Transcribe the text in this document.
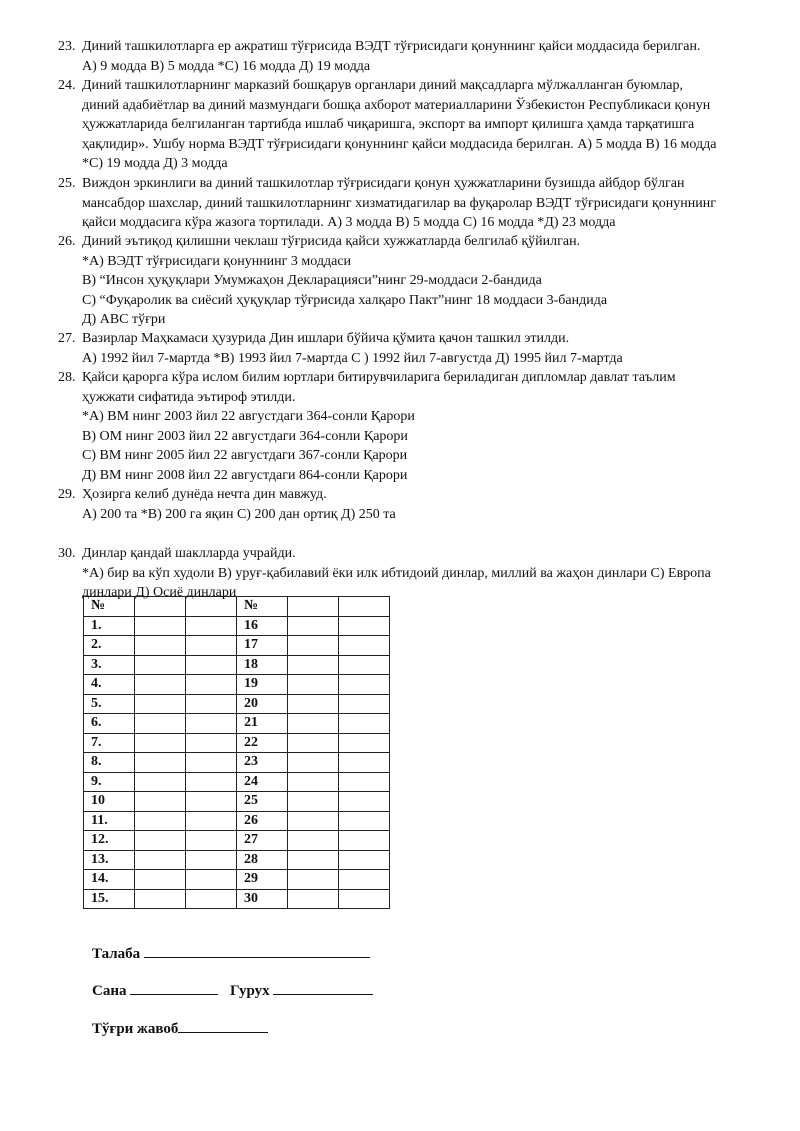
23. Диний ташкилотларга ер ажратиш тўғрисида ВЭДТ тўғрисидаги қонуннинг қайси моддасида берилган.
A) 9 модда B) 5 модда *C) 16 модда Д) 19 модда
24. Диний ташкилотларнинг марказий бошқарув органлари диний мақсадларга мўлжалланган буюмлар,
диний адабиётлар ва диний мазмундаги бошқа ахборот материалларини Ўзбекистон Республикаси қонун
ҳужжатларида белгиланган тартибда ишлаб чиқаришга, экспорт ва импорт қилишга ҳамда тарқатишга
ҳақлидир». Ушбу норма ВЭДТ тўғрисидаги қонуннинг қайси моддасида берилган. A) 5 модда B) 16 модда
*C) 19 модда Д) 3 модда
25. Виждон эркинлиги ва диний ташкилотлар тўғрисидаги қонун ҳужжатларини бузишда айбдор бўлган
мансабдор шахслар, диний ташкилотларнинг хизматидагилар ва фуқаролар ВЭДТ тўғрисидаги қонуннинг
қайси моддасига кўра жазога тортилади. A) 3 модда B) 5 модда C) 16 модда *Д) 23 модда
26. Диний эътиқод қилишни чеклаш тўғрисида қайси хужжатларда белгилаб қўйилган.
*A) ВЭДТ тўғрисидаги қонуннинг 3 моддаси
B) “Инсон ҳуқуқлари Умумжаҳон Декларацияси”нинг 29-моддаси 2-бандида
C) “Фуқаролик ва сиёсий ҳуқуқлар тўғрисида халқаро Пакт”нинг 18 моддаси 3-бандида
Д) ABC тўғри
27. Вазирлар Маҳкамаси ҳузурида Дин ишлари бўйича қўмита қачон ташкил этилди.
A) 1992 йил 7-мартда *B) 1993 йил 7-мартда C ) 1992 йил 7-августда Д) 1995 йил 7-мартда
28. Қайси қарорга кўра ислом билим юртлари битирувчиларига бериладиган дипломлар давлат таълим
ҳужжати сифатида эътироф этилди.
*A) ВМ нинг 2003 йил 22 августдаги 364-сонли Қарори
B) ОМ нинг 2003 йил 22 августдаги 364-сонли Қарори
C) ВМ нинг 2005 йил 22 августдаги 367-сонли Қарори
Д) ВМ нинг 2008 йил 22 августдаги 864-сонли Қарори
29. Ҳозирга келиб дунёда нечта дин мавжуд.
A) 200 та *B) 200 га яқин C) 200 дан ортиқ Д) 250 та
30. Динлар қандай шаклларда учрайди.
*A) бир ва кўп худоли B) уруғ-қабилавий ёки илк ибтидоий динлар, миллий ва жаҳон динлари C) Европа
динлари Д) Осиё динлари
№			№		
1.			16		
2.			17		
3.			18		
4.			19		
5.			20		
6.			21		
7.			22		
8.			23		
9.			24		
10			25		
11.			26		
12.			27		
13.			28		
14.			29		
15.			30		
Талаба
Сана	Гурух
Тўғри жавоб
